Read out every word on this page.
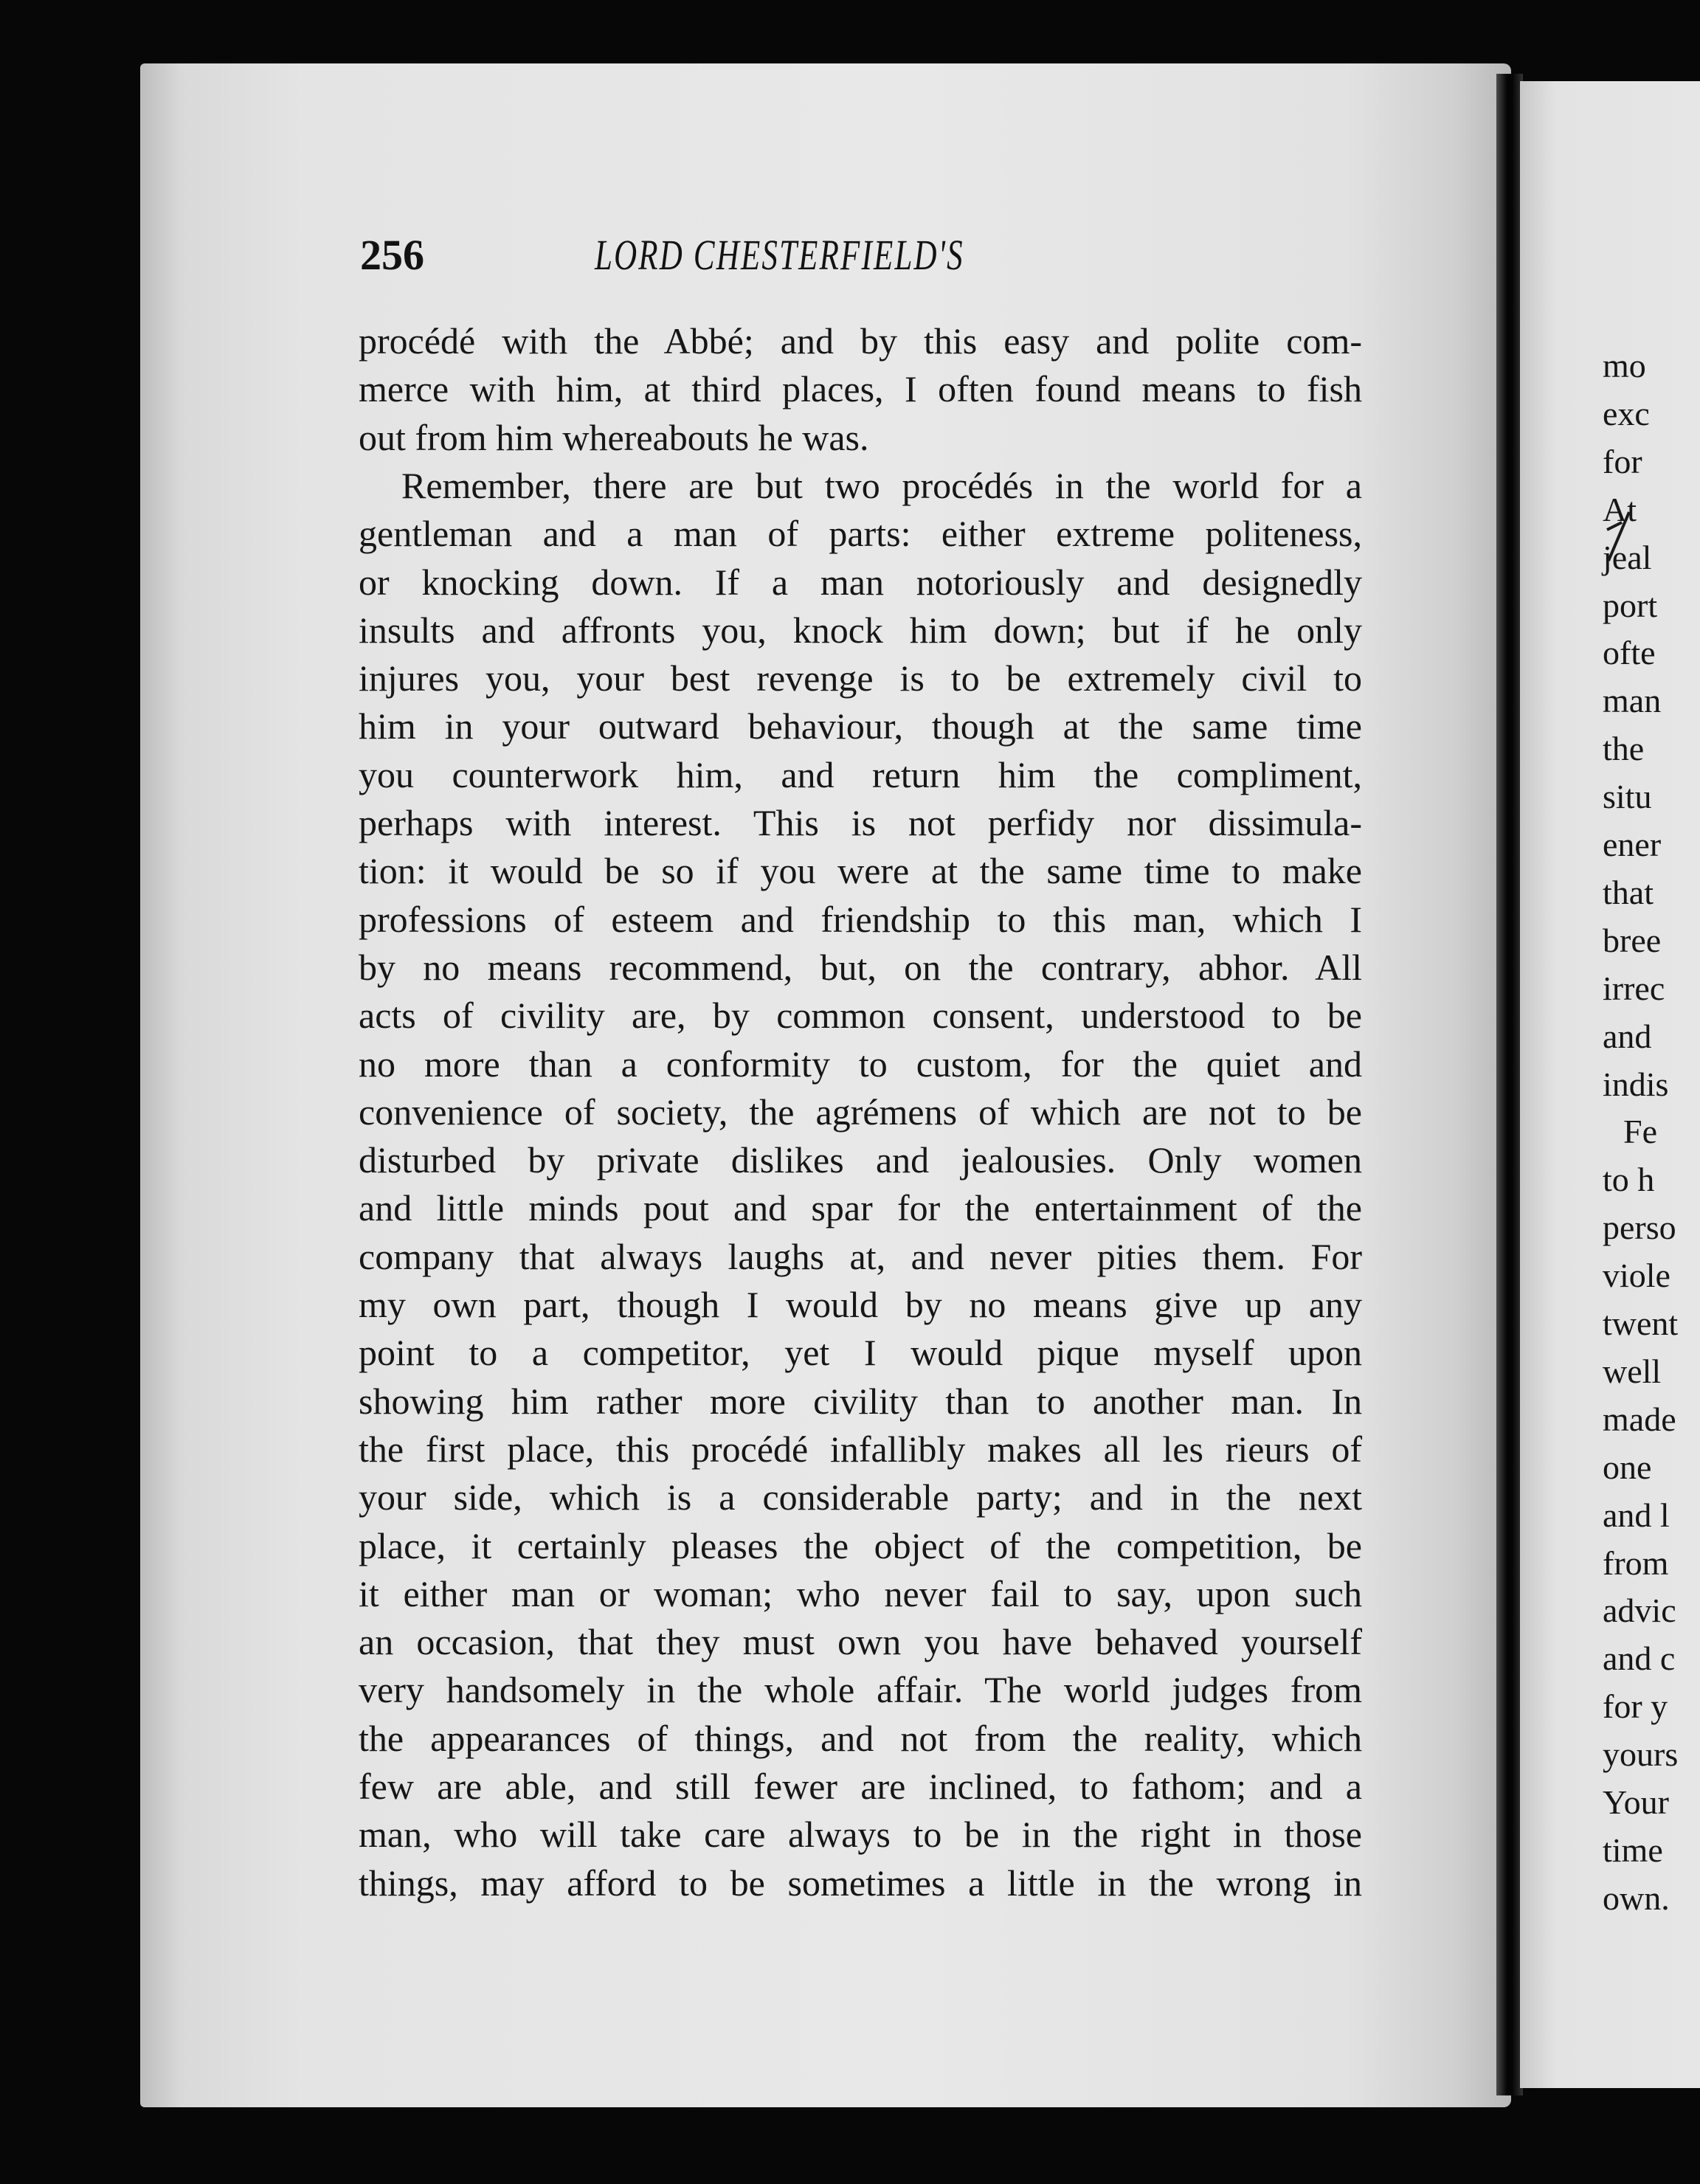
256	LORD CHESTERFIELD'S
procédé with the Abbé; and by this easy and polite com-
merce with him, at third places, I often found means to fish
out from him whereabouts he was.
Remember, there are but two procédés in the world for a
gentleman and a man of parts: either extreme politeness,
or knocking down. If a man notoriously and designedly
insults and affronts you, knock him down; but if he only
injures you, your best revenge is to be extremely civil to
him in your outward behaviour, though at the same time
you counterwork him, and return him the compliment,
perhaps with interest. This is not perfidy nor dissimula-
tion: it would be so if you were at the same time to make
professions of esteem and friendship to this man, which I
by no means recommend, but, on the contrary, abhor. All
acts of civility are, by common consent, understood to be
no more than a conformity to custom, for the quiet and
convenience of society, the agrémens of which are not to be
disturbed by private dislikes and jealousies. Only women
and little minds pout and spar for the entertainment of the
company that always laughs at, and never pities them. For
my own part, though I would by no means give up any
point to a competitor, yet I would pique myself upon
showing him rather more civility than to another man. In
the first place, this procédé infallibly makes all les rieurs of
your side, which is a considerable party; and in the next
place, it certainly pleases the object of the competition, be
it either man or woman; who never fail to say, upon such
an occasion, that they must own you have behaved yourself
very handsomely in the whole affair. The world judges from
the appearances of things, and not from the reality, which
few are able, and still fewer are inclined, to fathom; and a
man, who will take care always to be in the right in those
things, may afford to be sometimes a little in the wrong in
mo
exc
for
At
jeal
port
ofte
man
the
situ
ener
that
bree
irrec
and
indis
Fe
to h
perso
viole
twent
well
made
one
and l
from
advic
and c
for y
yours
Your
time
own.
